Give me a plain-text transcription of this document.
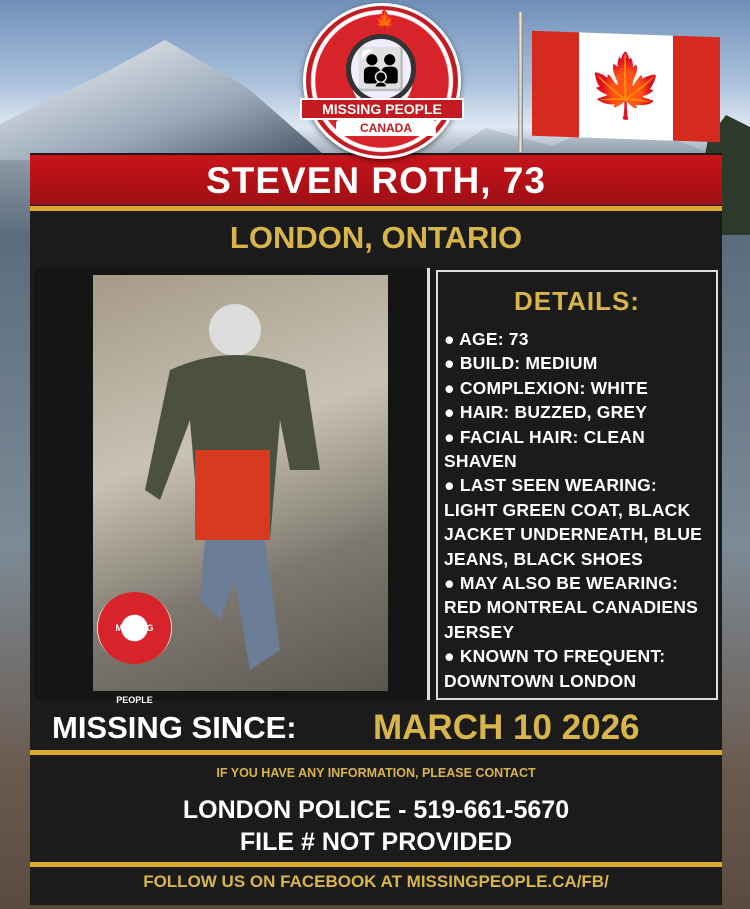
🍁
STEVEN ROTH, 73
LONDON, ONTARIO
MISSING PEOPLE
DETAILS:

● AGE: 73

● BUILD: MEDIUM

● COMPLEXION: WHITE

● HAIR: BUZZED, GREY

● FACIAL HAIR: CLEAN SHAVEN

● LAST SEEN WEARING: LIGHT GREEN COAT, BLACK JACKET UNDERNEATH, BLUE JEANS, BLACK SHOES

● MAY ALSO BE WEARING: RED MONTREAL CANADIENS JERSEY

● KNOWN TO FREQUENT: DOWNTOWN LONDON

MISSING SINCE: MARCH 10 2026
IF YOU HAVE ANY INFORMATION, PLEASE CONTACT
LONDON POLICE - 519-661-5670
FILE # NOT PROVIDED
FOLLOW US ON FACEBOOK AT MISSINGPEOPLE.CA/FB/
🍁
👪
MISSING PEOPLE
CANADA
